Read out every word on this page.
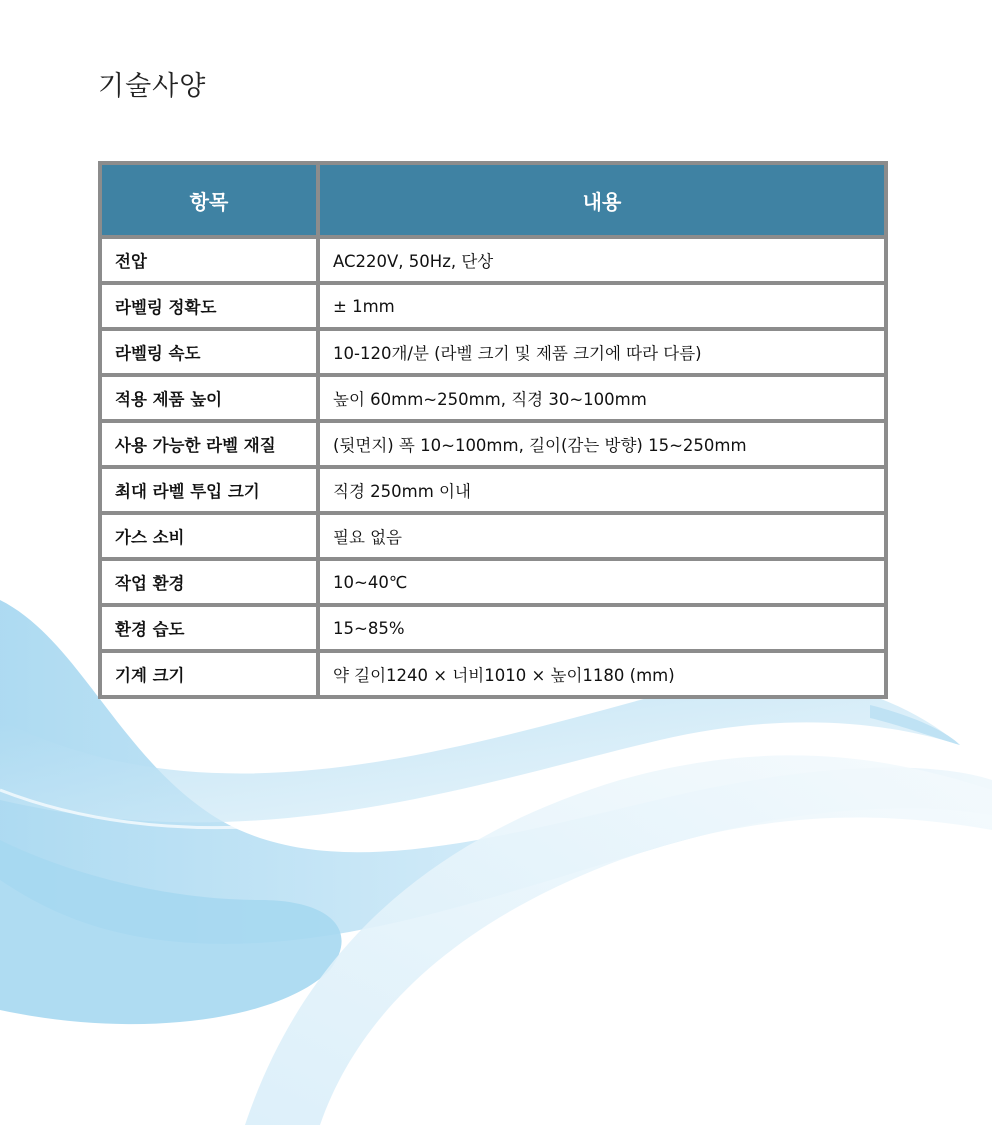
기술사양
항목	내용
전압	AC220V, 50Hz, 단상
라벨링 정확도	± 1mm
라벨링 속도	10-120개/분 (라벨 크기 및 제품 크기에 따라 다름)
적용 제품 높이	높이 60mm~250mm, 직경 30~100mm
사용 가능한 라벨 재질	(뒷면지) 폭 10~100mm, 길이(감는 방향) 15~250mm
최대 라벨 투입 크기	직경 250mm 이내
가스 소비	필요 없음
작업 환경	10~40℃
환경 습도	15~85%
기계 크기	약 길이1240 × 너비1010 × 높이1180 (mm)
